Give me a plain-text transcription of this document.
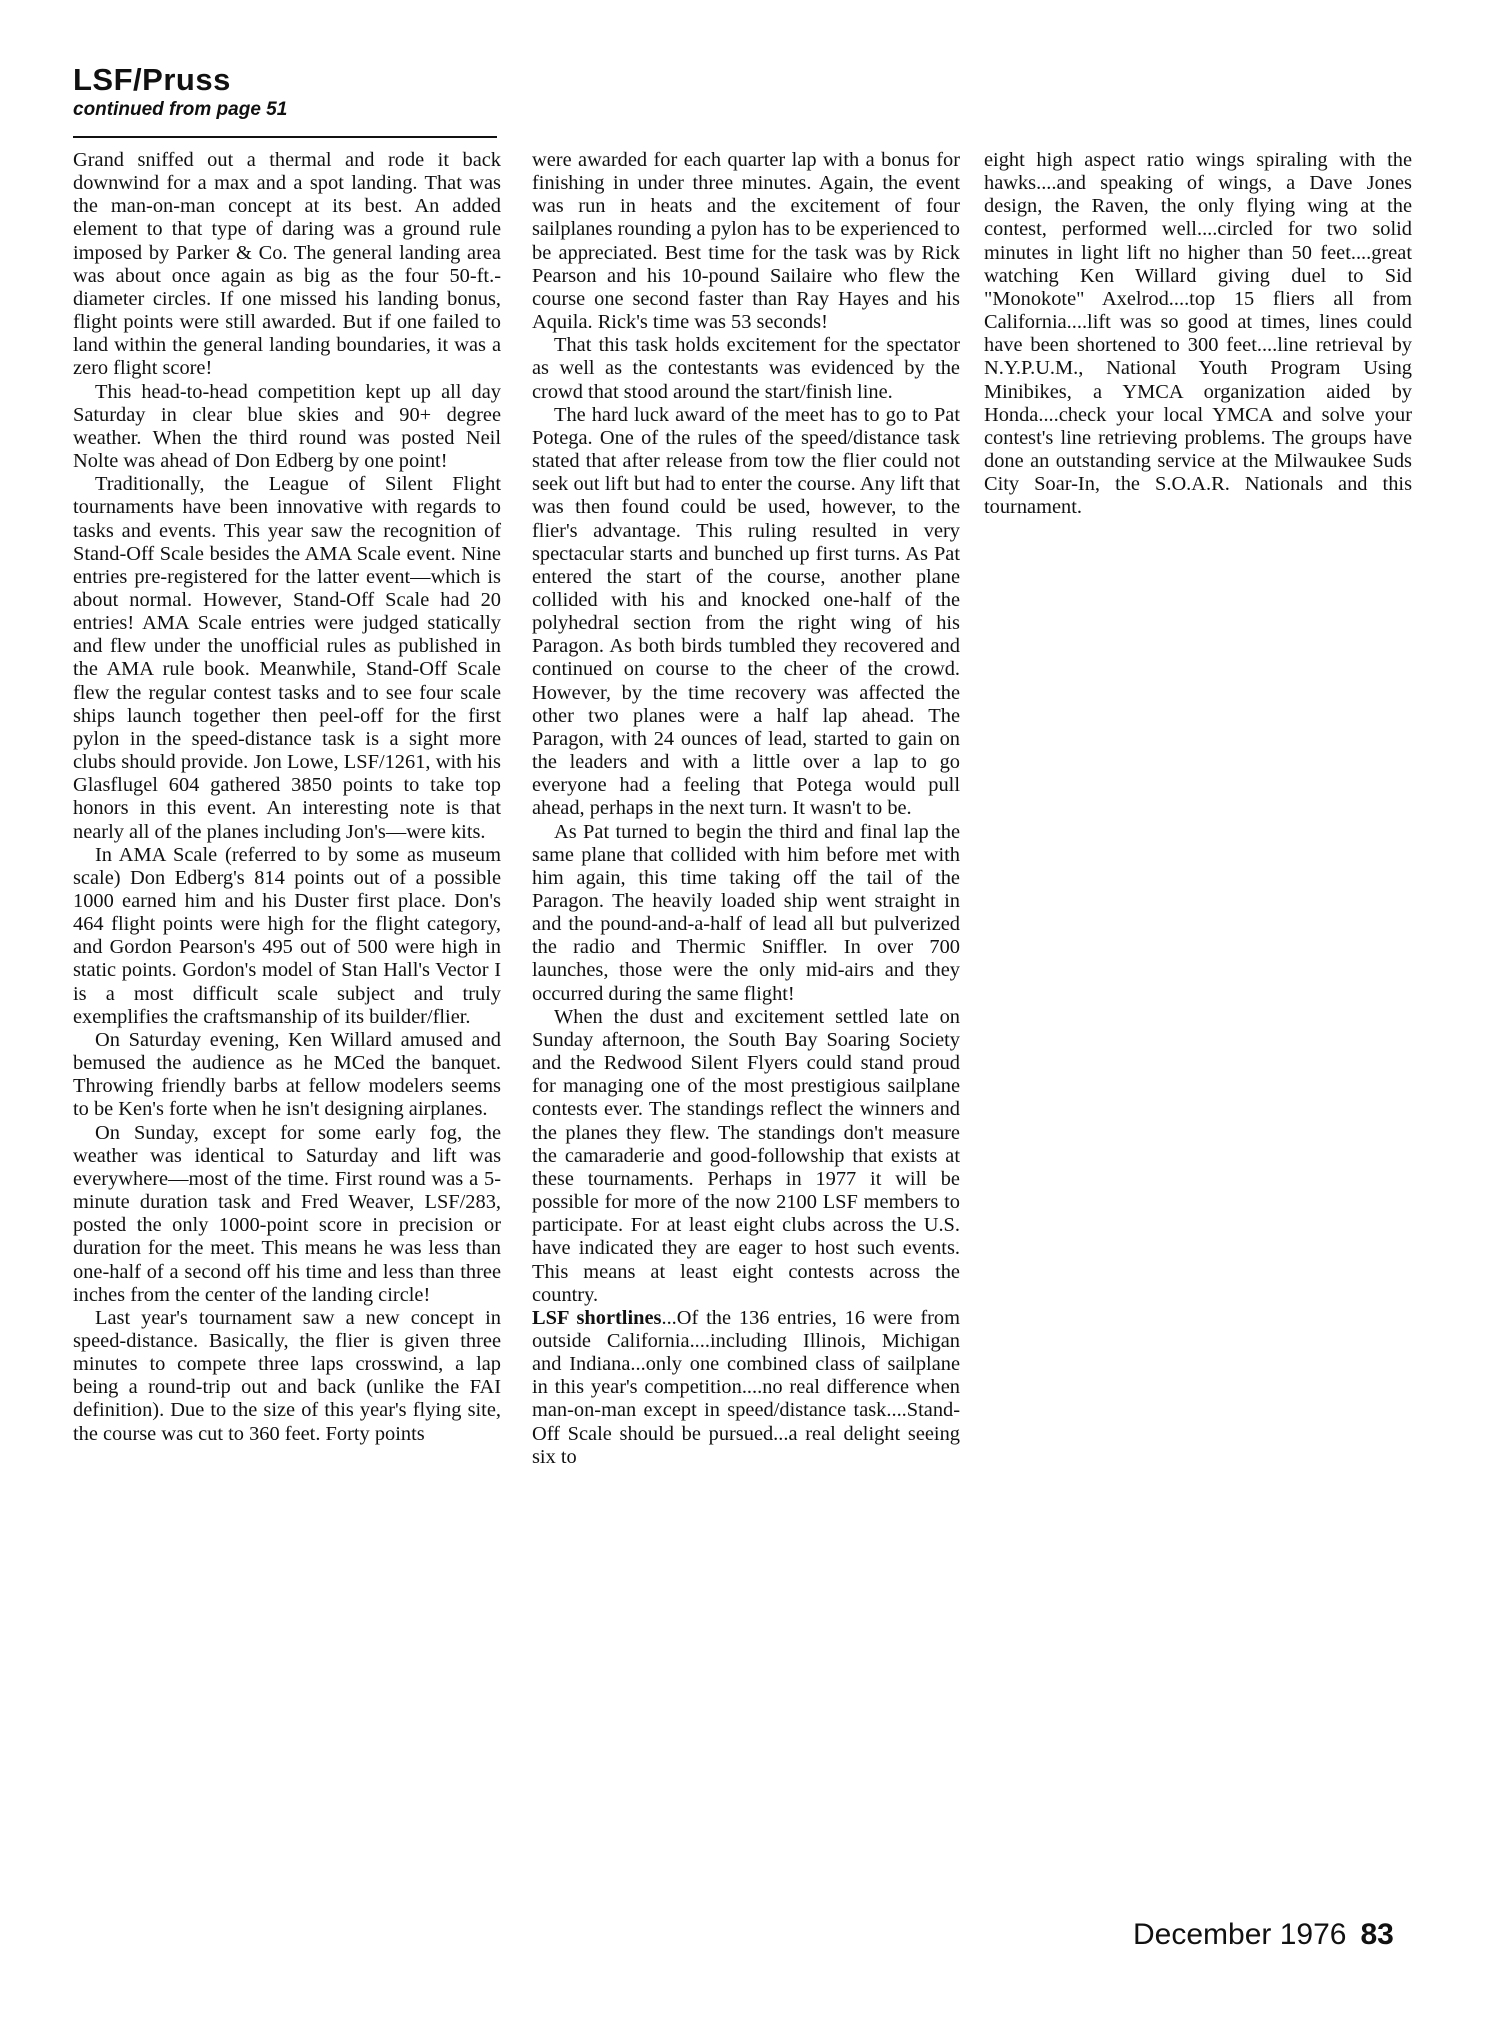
LSF/Pruss

continued from page 51

Grand sniffed out a thermal and rode it back downwind for a max and a spot landing. That was the man-on-man concept at its best. An added element to that type of daring was a ground rule imposed by Parker & Co. The general landing area was about once again as big as the four 50-ft.-diameter circles. If one missed his landing bonus, flight points were still awarded. But if one failed to land within the general landing boundaries, it was a zero flight score!

This head-to-head competition kept up all day Saturday in clear blue skies and 90+ degree weather. When the third round was posted Neil Nolte was ahead of Don Edberg by one point!

Traditionally, the League of Silent Flight tournaments have been innovative with regards to tasks and events. This year saw the recognition of Stand-Off Scale besides the AMA Scale event. Nine entries pre-registered for the latter event—which is about normal. However, Stand-Off Scale had 20 entries! AMA Scale entries were judged statically and flew under the unofficial rules as published in the AMA rule book. Meanwhile, Stand-Off Scale flew the regular contest tasks and to see four scale ships launch together then peel-off for the first pylon in the speed-distance task is a sight more clubs should provide. Jon Lowe, LSF/1261, with his Glasflugel 604 gathered 3850 points to take top honors in this event. An interesting note is that nearly all of the planes including Jon's—were kits.

In AMA Scale (referred to by some as museum scale) Don Edberg's 814 points out of a possible 1000 earned him and his Duster first place. Don's 464 flight points were high for the flight category, and Gordon Pearson's 495 out of 500 were high in static points. Gordon's model of Stan Hall's Vector I is a most difficult scale subject and truly exemplifies the craftsmanship of its builder/flier.

On Saturday evening, Ken Willard amused and bemused the audience as he MCed the banquet. Throwing friendly barbs at fellow modelers seems to be Ken's forte when he isn't designing airplanes.

On Sunday, except for some early fog, the weather was identical to Saturday and lift was everywhere—most of the time. First round was a 5-minute duration task and Fred Weaver, LSF/283, posted the only 1000-point score in precision or duration for the meet. This means he was less than one-half of a second off his time and less than three inches from the center of the landing circle!

Last year's tournament saw a new concept in speed-distance. Basically, the flier is given three minutes to compete three laps crosswind, a lap being a round-trip out and back (unlike the FAI definition). Due to the size of this year's flying site, the course was cut to 360 feet. Forty points

were awarded for each quarter lap with a bonus for finishing in under three minutes. Again, the event was run in heats and the excitement of four sailplanes rounding a pylon has to be experienced to be appreciated. Best time for the task was by Rick Pearson and his 10-pound Sailaire who flew the course one second faster than Ray Hayes and his Aquila. Rick's time was 53 seconds!

That this task holds excitement for the spectator as well as the contestants was evidenced by the crowd that stood around the start/finish line.

The hard luck award of the meet has to go to Pat Potega. One of the rules of the speed/distance task stated that after release from tow the flier could not seek out lift but had to enter the course. Any lift that was then found could be used, however, to the flier's advantage. This ruling resulted in very spectacular starts and bunched up first turns. As Pat entered the start of the course, another plane collided with his and knocked one-half of the polyhedral section from the right wing of his Paragon. As both birds tumbled they recovered and continued on course to the cheer of the crowd. However, by the time recovery was affected the other two planes were a half lap ahead. The Paragon, with 24 ounces of lead, started to gain on the leaders and with a little over a lap to go everyone had a feeling that Potega would pull ahead, perhaps in the next turn. It wasn't to be.

As Pat turned to begin the third and final lap the same plane that collided with him before met with him again, this time taking off the tail of the Paragon. The heavily loaded ship went straight in and the pound-and-a-half of lead all but pulverized the radio and Thermic Sniffler. In over 700 launches, those were the only mid-airs and they occurred during the same flight!

When the dust and excitement settled late on Sunday afternoon, the South Bay Soaring Society and the Redwood Silent Flyers could stand proud for managing one of the most prestigious sailplane contests ever. The standings reflect the winners and the planes they flew. The standings don't measure the camaraderie and good-followship that exists at these tournaments. Perhaps in 1977 it will be possible for more of the now 2100 LSF members to participate. For at least eight clubs across the U.S. have indicated they are eager to host such events. This means at least eight contests across the country.

LSF shortlines...Of the 136 entries, 16 were from outside California....including Illinois, Michigan and Indiana...only one combined class of sailplane in this year's competition....no real difference when man-on-man except in speed/distance task....Stand-Off Scale should be pursued...a real delight seeing six to

eight high aspect ratio wings spiraling with the hawks....and speaking of wings, a Dave Jones design, the Raven, the only flying wing at the contest, performed well....circled for two solid minutes in light lift no higher than 50 feet....great watching Ken Willard giving duel to Sid "Monokote" Axelrod....top 15 fliers all from California....lift was so good at times, lines could have been shortened to 300 feet....line retrieval by N.Y.P.U.M., National Youth Program Using Minibikes, a YMCA organization aided by Honda....check your local YMCA and solve your contest's line retrieving problems. The groups have done an outstanding service at the Milwaukee Suds City Soar-In, the S.O.A.R. Nationals and this tournament.

December 1976 83
